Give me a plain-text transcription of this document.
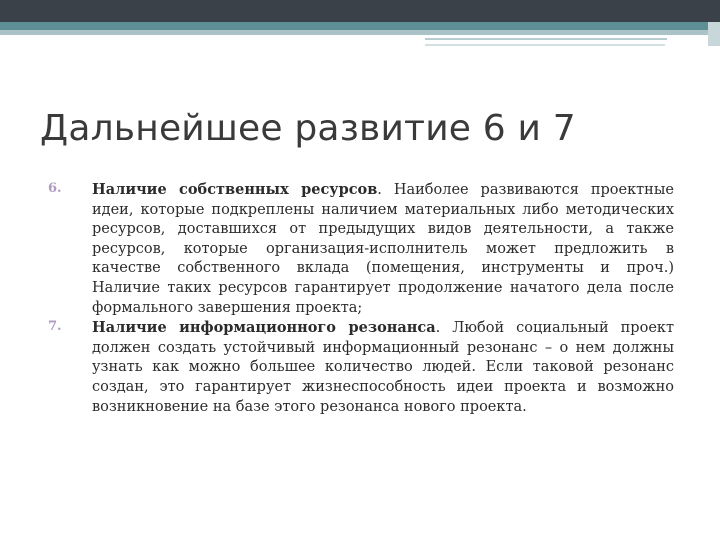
Дальнейшее развитие 6 и 7
6.	Наличие собственных ресурсов. Наиболее развиваются проектные идеи, которые подкреплены наличием материальных либо методических ресурсов, доставшихся от предыдущих видов деятельности, а также ресурсов, которые организация-исполнитель может предложить в качестве собственного вклада (помещения, инструменты и проч.) Наличие таких ресурсов гарантирует продолжение начатого дела после формального завершения проекта;
7.	Наличие информационного резонанса. Любой социальный проект должен создать устойчивый информационный резонанс – о нем должны узнать как можно большее количество людей. Если таковой резонанс создан, это гарантирует жизнеспособность идеи проекта и возможно возникновение на базе этого резонанса нового проекта.
